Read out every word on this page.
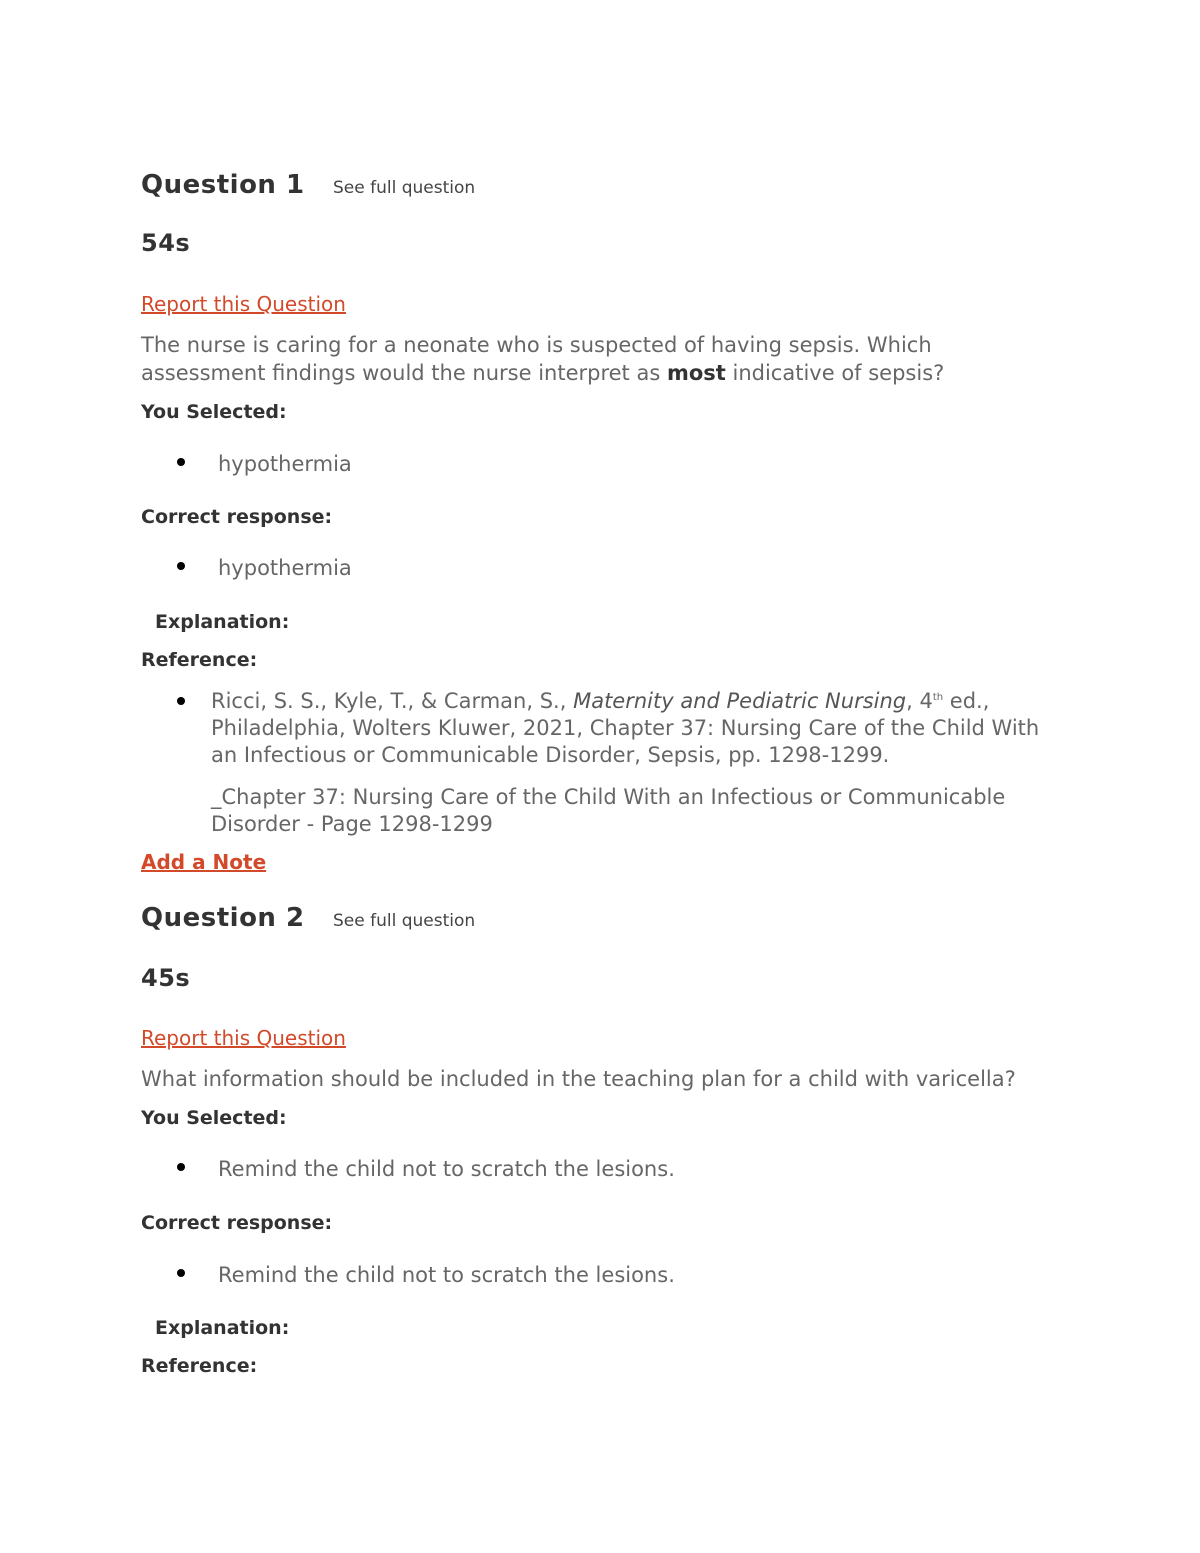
Question 1 See full question
54s
Report this Question
The nurse is caring for a neonate who is suspected of having sepsis. Which assessment findings would the nurse interpret as most indicative of sepsis?
You Selected:
hypothermia
Correct response:
hypothermia
Explanation:
Reference:
Ricci, S. S., Kyle, T., & Carman, S., Maternity and Pediatric Nursing, 4th ed., Philadelphia, Wolters Kluwer, 2021, Chapter 37: Nursing Care of the Child With an Infectious or Communicable Disorder, Sepsis, pp. 1298-1299.
_Chapter 37: Nursing Care of the Child With an Infectious or Communicable Disorder - Page 1298-1299
Add a Note
Question 2 See full question
45s
Report this Question
What information should be included in the teaching plan for a child with varicella?
You Selected:
Remind the child not to scratch the lesions.
Correct response:
Remind the child not to scratch the lesions.
Explanation:
Reference:
